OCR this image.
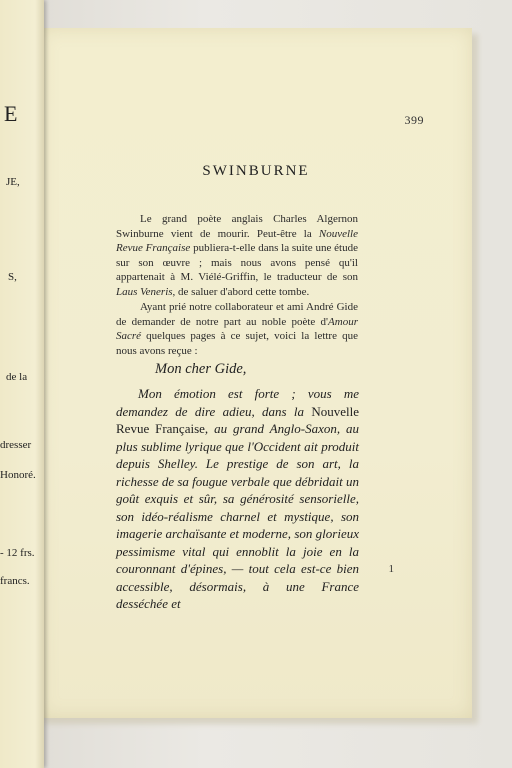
E
JE,
S,
de la
dresser
Honoré.
- 12 frs.
francs.
399
SWINBURNE
Le grand poète anglais Charles Algernon Swinburne vient de mourir. Peut-être la Nouvelle Revue Française publiera-t-elle dans la suite une étude sur son œuvre ; mais nous avons pensé qu'il appartenait à M. Viélé-Griffin, le traducteur de son Laus Veneris, de saluer d'abord cette tombe.
Ayant prié notre collaborateur et ami André Gide de demander de notre part au noble poète d'Amour Sacré quelques pages à ce sujet, voici la lettre que nous avons reçue :
Mon cher Gide,
Mon émotion est forte ; vous me demandez de dire adieu, dans la Nouvelle Revue Française, au grand Anglo-Saxon, au plus sublime lyrique que l'Occident ait produit depuis Shelley. Le prestige de son art, la richesse de sa fougue verbale que débridait un goût exquis et sûr, sa générosité sensorielle, son idéo-réalisme charnel et mystique, son imagerie archaïsante et moderne, son glorieux pessimisme vital qui ennoblit la joie en la couronnant d'épines, — tout cela est-ce bien accessible, désormais, à une France desséchée et
1
